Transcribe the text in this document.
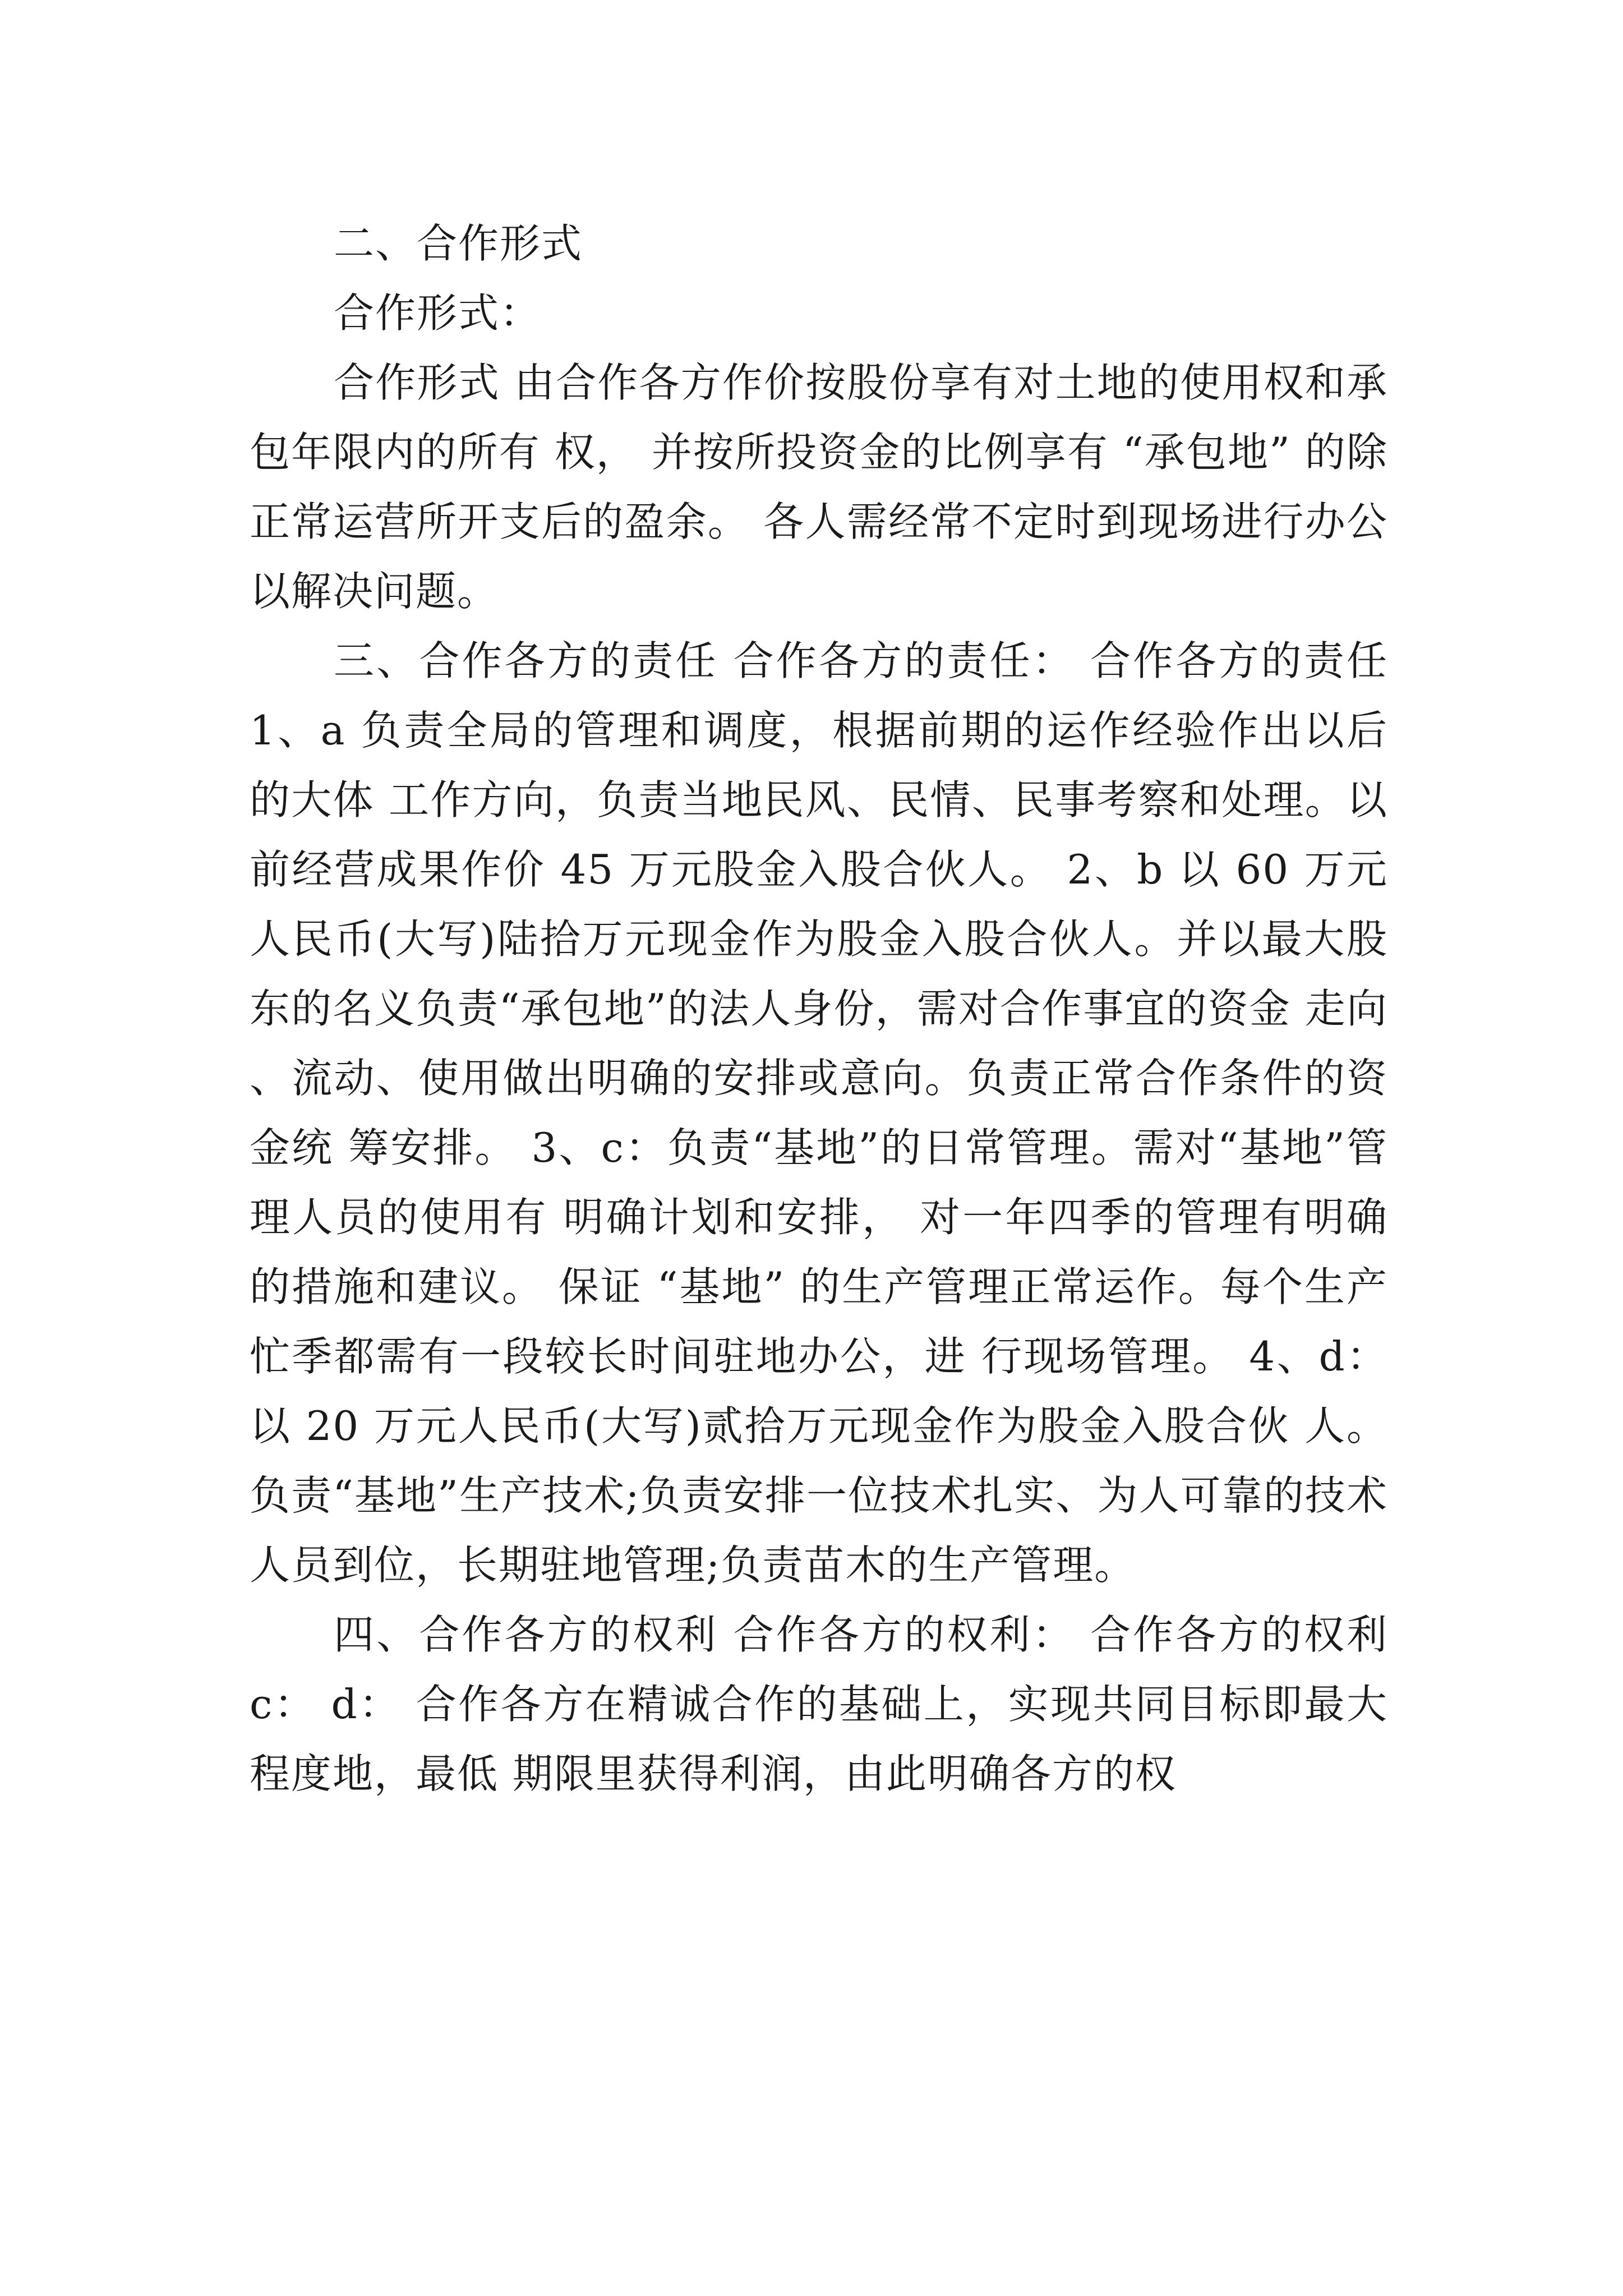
二、合作形式

合作形式：

合作形式 由合作各方作价按股份享有对土地的使用权和承包年限内的所有 权， 并按所投资金的比例享有 “承包地” 的除正常运营所开支后的盈余。 各人需经常不定时到现场进行办公以解决问题。

三、合作各方的责任 合作各方的责任： 合作各方的责任 1、a 负责全局的管理和调度，根据前期的运作经验作出以后的大体 工作方向，负责当地民风、民情、民事考察和处理。以前经营成果作价 45 万元股金入股合伙人。 2、b 以 60 万元人民币(大写)陆拾万元现金作为股金入股合伙人。并以最大股东的名义负责“承包地”的法人身份，需对合作事宜的资金 走向、流动、使用做出明确的安排或意向。负责正常合作条件的资金统 筹安排。 3、c：负责“基地”的日常管理。需对“基地”管理人员的使用有 明确计划和安排， 对一年四季的管理有明确的措施和建议。 保证 “基地” 的生产管理正常运作。每个生产忙季都需有一段较长时间驻地办公，进 行现场管理。 4、d：以 20 万元人民币(大写)贰拾万元现金作为股金入股合伙 人。负责“基地”生产技术;负责安排一位技术扎实、为人可靠的技术 人员到位，长期驻地管理;负责苗木的生产管理。

四、合作各方的权利 合作各方的权利： 合作各方的权利 c： d： 合作各方在精诚合作的基础上，实现共同目标即最大程度地，最低 期限里获得利润，由此明确各方的权
